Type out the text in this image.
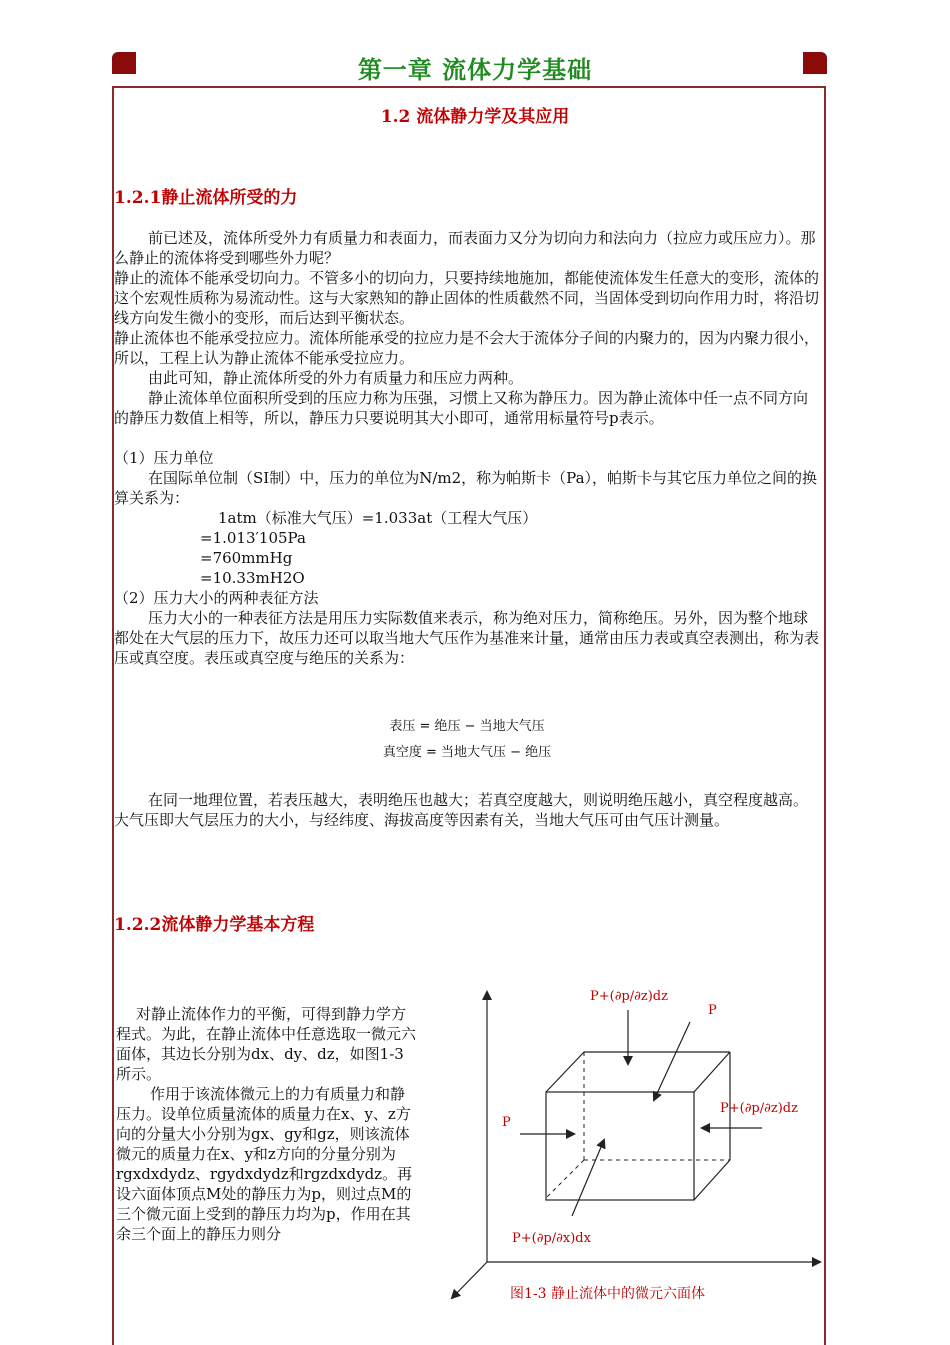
第一章 流体力学基础
1.2 流体静力学及其应用
1.2.1静止流体所受的力

前已述及，流体所受外力有质量力和表面力，而表面力又分为切向力和法向力（拉应力或压应力）。那么静止的流体将受到哪些外力呢？

静止的流体不能承受切向力。不管多小的切向力，只要持续地施加，都能使流体发生任意大的变形，流体的这个宏观性质称为易流动性。这与大家熟知的静止固体的性质截然不同，当固体受到切向作用力时，将沿切线方向发生微小的变形，而后达到平衡状态。

静止流体也不能承受拉应力。流体所能承受的拉应力是不会大于流体分子间的内聚力的，因为内聚力很小，所以，工程上认为静止流体不能承受拉应力。

由此可知，静止流体所受的外力有质量力和压应力两种。

静止流体单位面积所受到的压应力称为压强，习惯上又称为静压力。因为静止流体中任一点不同方向的静压力数值上相等，所以，静压力只要说明其大小即可，通常用标量符号p表示。

（1）压力单位

在国际单位制（SI制）中，压力的单位为N/m2，称为帕斯卡（Pa），帕斯卡与其它压力单位之间的换算关系为：

1atm（标准大气压）=1.033at（工程大气压）

=1.013′105Pa

=760mmHg

=10.33mH2O

（2）压力大小的两种表征方法

压力大小的一种表征方法是用压力实际数值来表示，称为绝对压力，简称绝压。另外，因为整个地球都处在大气层的压力下，故压力还可以取当地大气压作为基准来计量，通常由压力表或真空表测出，称为表压或真空度。表压或真空度与绝压的关系为：

表压 = 绝压 − 当地大气压
真空度 = 当地大气压 − 绝压

在同一地理位置，若表压越大，表明绝压也越大；若真空度越大，则说明绝压越小，真空程度越高。大气压即大气层压力的大小，与经纬度、海拔高度等因素有关，当地大气压可由气压计测量。

1.2.2流体静力学基本方程

对静止流体作力的平衡，可得到静力学方程式。为此，在静止流体中任意选取一微元六面体，其边长分别为dx、dy、dz，如图1-3所示。

作用于该流体微元上的力有质量力和静压力。设单位质量流体的质量力在x、y、z方向的分量大小分别为gx、gy和gz，则该流体微元的质量力在x、y和z方向的分量分别为rgxdxdydz、rgydxdydz和rgzdxdydz。再设六面体顶点M处的静压力为p，则过点M的三个微元面上受到的静压力均为p，作用在其余三个面上的静压力则分

P+(∂p/∂z)dz
P
P
P+(∂p/∂z)dz
P+(∂p/∂x)dx
图1-3 静止流体中的微元六面体
